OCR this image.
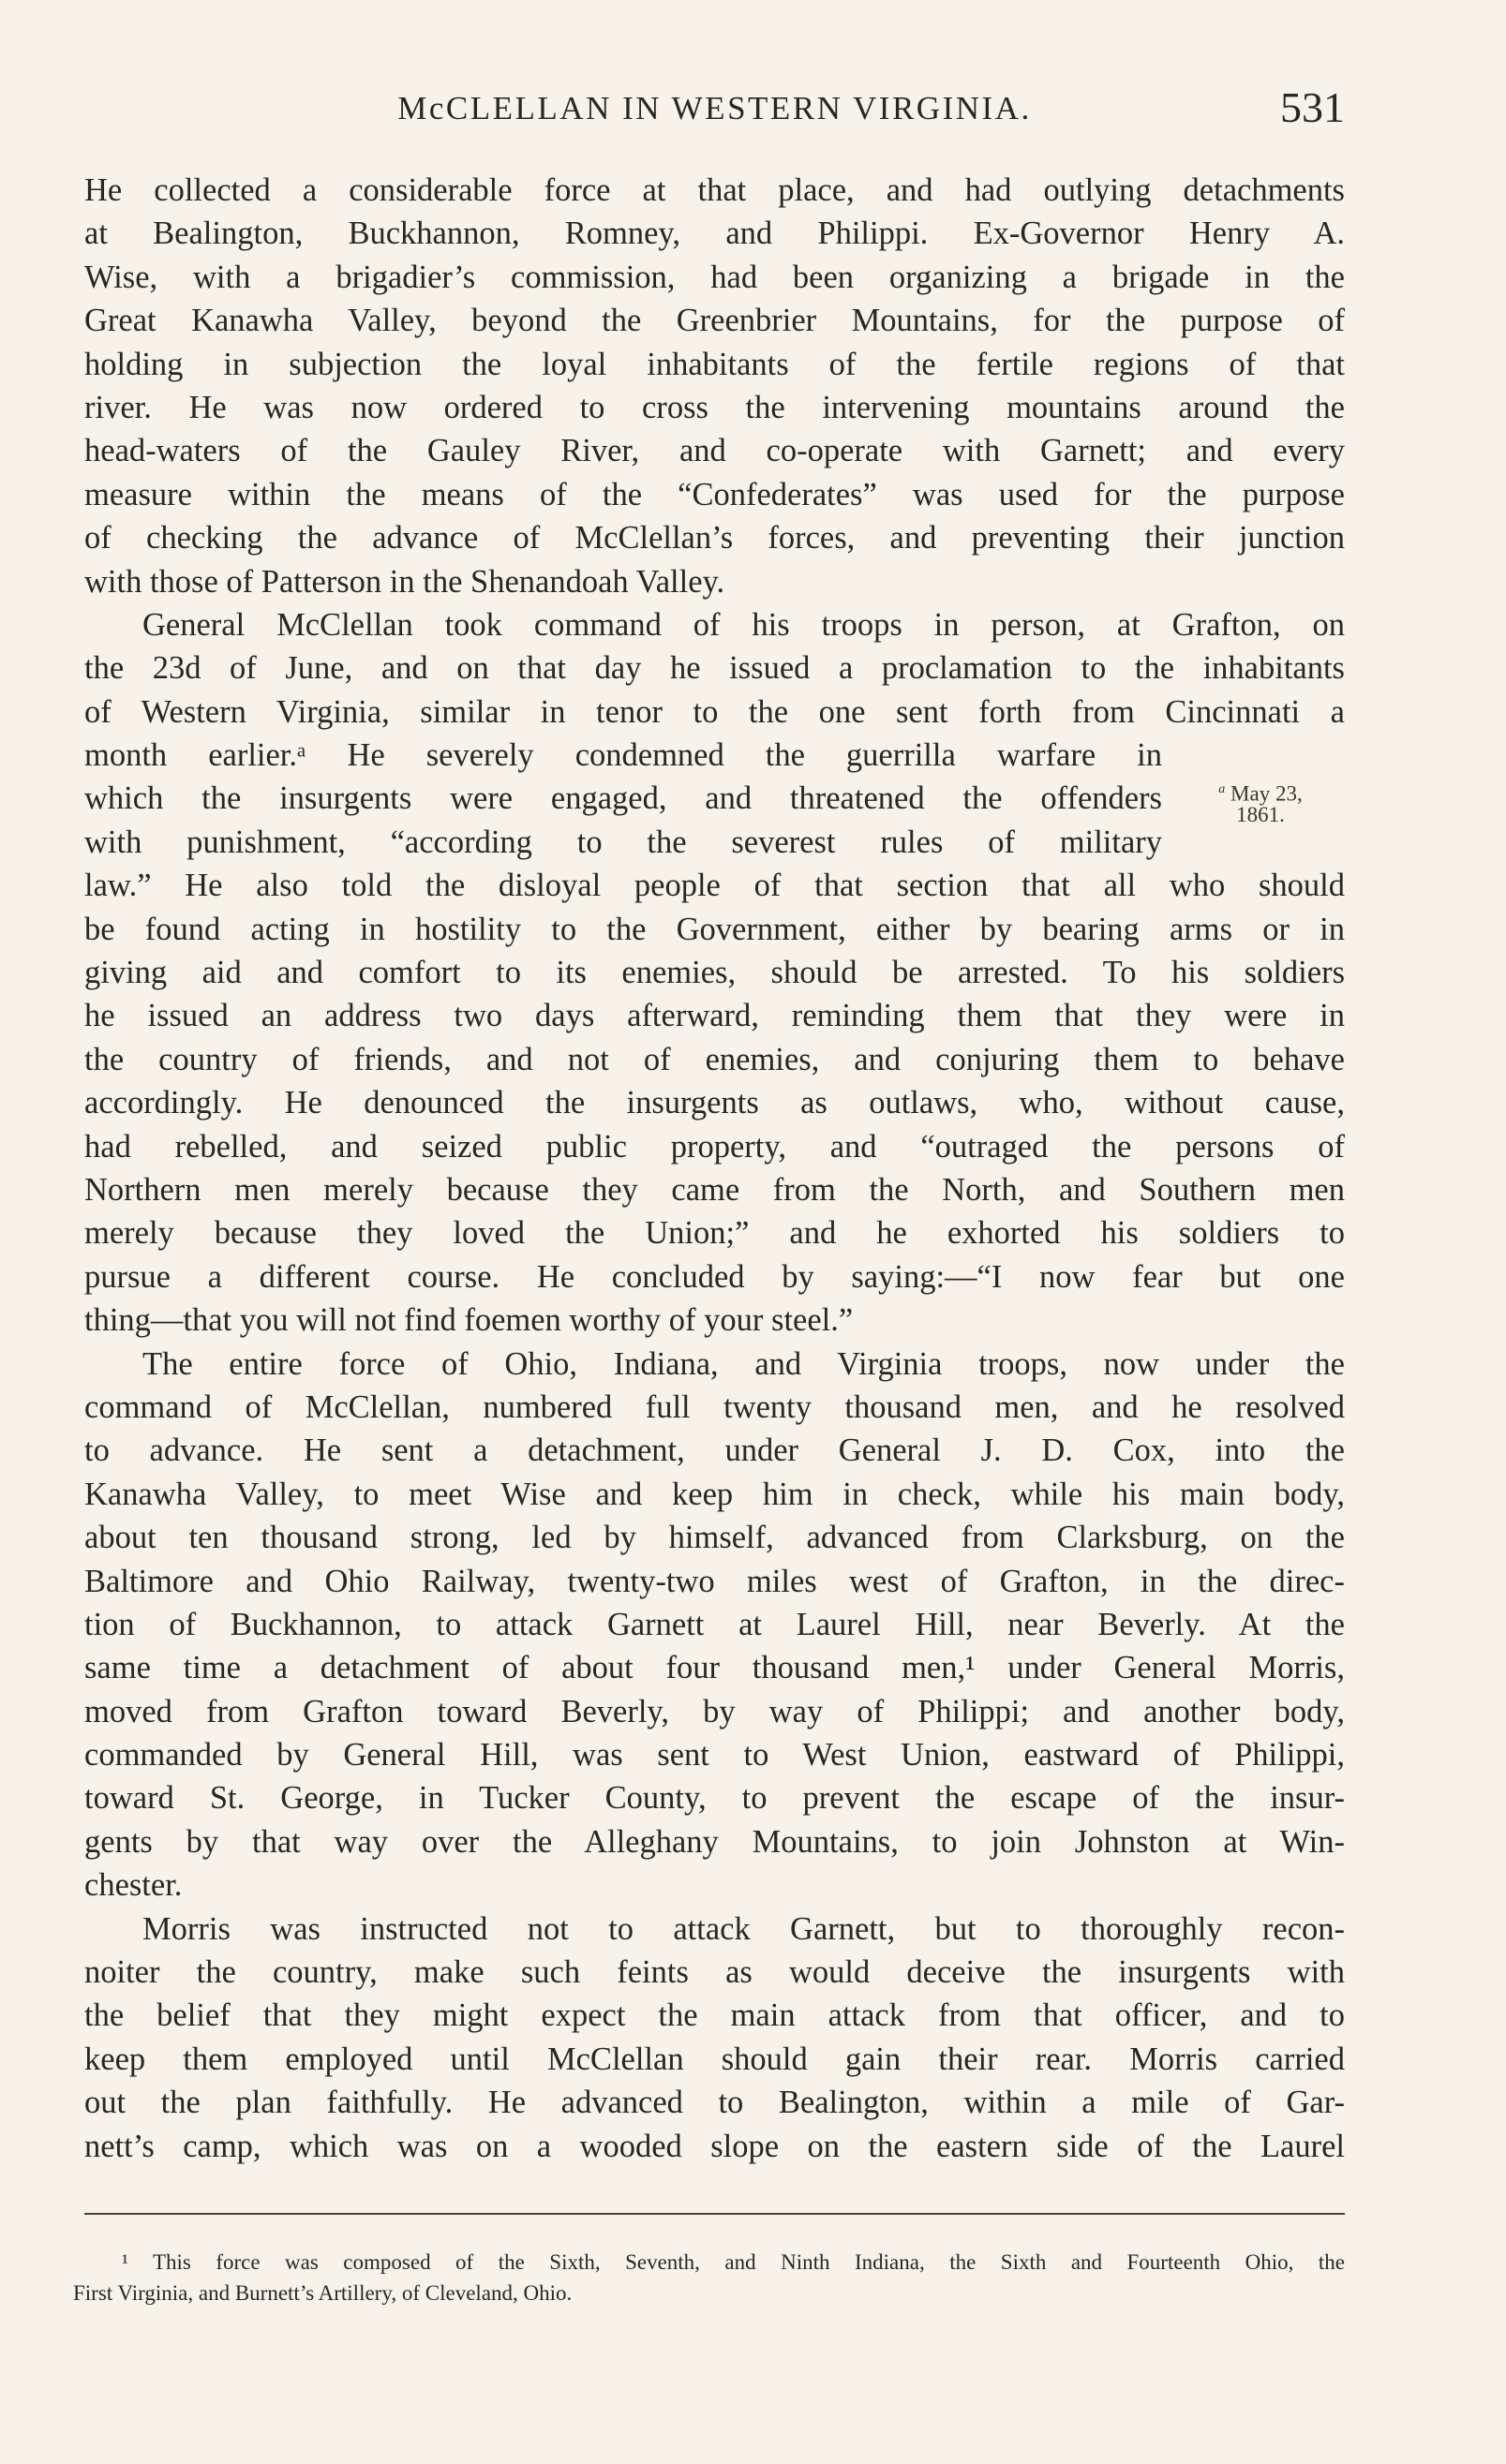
McCLELLAN IN WESTERN VIRGINIA.	531
He collected a considerable force at that place, and had outlying detachments
at Bealington, Buckhannon, Romney, and Philippi. Ex-Governor Henry A.
Wise, with a brigadier’s commission, had been organizing a brigade in the
Great Kanawha Valley, beyond the Greenbrier Mountains, for the purpose of
holding in subjection the loyal inhabitants of the fertile regions of that
river. He was now ordered to cross the intervening mountains around the
head-waters of the Gauley River, and co-operate with Garnett; and every
measure within the means of the “Confederates” was used for the purpose
of checking the advance of McClellan’s forces, and preventing their junction
with those of Patterson in the Shenandoah Valley.
General McClellan took command of his troops in person, at Grafton, on
the 23d of June, and on that day he issued a proclamation to the inhabitants
of Western Virginia, similar in tenor to the one sent forth from Cincinnati a
month earlier.ᵃ He severely condemned the guerrilla warfare in
which the insurgents were engaged, and threatened the offenders
with punishment, “according to the severest rules of military
law.” He also told the disloyal people of that section that all who should
be found acting in hostility to the Government, either by bearing arms or in
giving aid and comfort to its enemies, should be arrested. To his soldiers
he issued an address two days afterward, reminding them that they were in
the country of friends, and not of enemies, and conjuring them to behave
accordingly. He denounced the insurgents as outlaws, who, without cause,
had rebelled, and seized public property, and “outraged the persons of
Northern men merely because they came from the North, and Southern men
merely because they loved the Union;” and he exhorted his soldiers to
pursue a different course. He concluded by saying:—“I now fear but one
thing—that you will not find foemen worthy of your steel.”
The entire force of Ohio, Indiana, and Virginia troops, now under the
command of McClellan, numbered full twenty thousand men, and he resolved
to advance. He sent a detachment, under General J. D. Cox, into the
Kanawha Valley, to meet Wise and keep him in check, while his main body,
about ten thousand strong, led by himself, advanced from Clarksburg, on the
Baltimore and Ohio Railway, twenty-two miles west of Grafton, in the direc-
tion of Buckhannon, to attack Garnett at Laurel Hill, near Beverly. At the
same time a detachment of about four thousand men,¹ under General Morris,
moved from Grafton toward Beverly, by way of Philippi; and another body,
commanded by General Hill, was sent to West Union, eastward of Philippi,
toward St. George, in Tucker County, to prevent the escape of the insur-
gents by that way over the Alleghany Mountains, to join Johnston at Win-
chester.
Morris was instructed not to attack Garnett, but to thoroughly recon-
noiter the country, make such feints as would deceive the insurgents with
the belief that they might expect the main attack from that officer, and to
keep them employed until McClellan should gain their rear. Morris carried
out the plan faithfully. He advanced to Bealington, within a mile of Gar-
nett’s camp, which was on a wooded slope on the eastern side of the Laurel
$^a$ May 23,
1861.
¹ This force was composed of the Sixth, Seventh, and Ninth Indiana, the Sixth and Fourteenth Ohio, the
First Virginia, and Burnett’s Artillery, of Cleveland, Ohio.
